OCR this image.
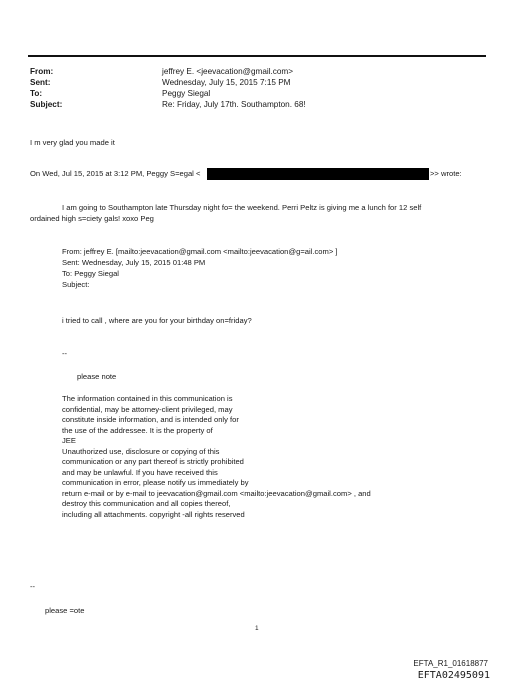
From:
Sent:
To:
Subject:
jeffrey E. <jeevacation@gmail.com>
Wednesday, July 15, 2015 7:15 PM
Peggy Siegal
Re: Friday, July 17th. Southampton. 68!
I m very glad you made it
On Wed, Jul 15, 2015 at 3:12 PM, Peggy S=egal <	>> wrote:
I am going to Southampton late Thursday night fo= the weekend. Perri Peltz is giving me a lunch for 12 self
ordained high s=ciety gals! xoxo Peg
From: jeffrey E. [mailto:jeevacation@gmail.com <mailto:jeevacation@g=ail.com> ]
Sent: Wednesday, July 15, 2015 01:48 PM
To: Peggy Siegal
Subject:
i tried to call , where are you for your birthday on=friday?
--
please note
The information contained in this communication is
confidential, may be attorney-client privileged, may
constitute inside information, and is intended only for
the use of the addressee. It is the property of
JEE
Unauthorized use, disclosure or copying of this
communication or any part thereof is strictly prohibited
and may be unlawful. If you have received this
communication in error, please notify us immediately by
return e-mail or by e-mail to jeevacation@gmail.com <mailto:jeevacation@gmail.com> , and
destroy this communication and all copies thereof,
including all attachments. copyright -all rights reserved
--
please =ote
1
EFTA_R1_01618877
EFTA02495091
